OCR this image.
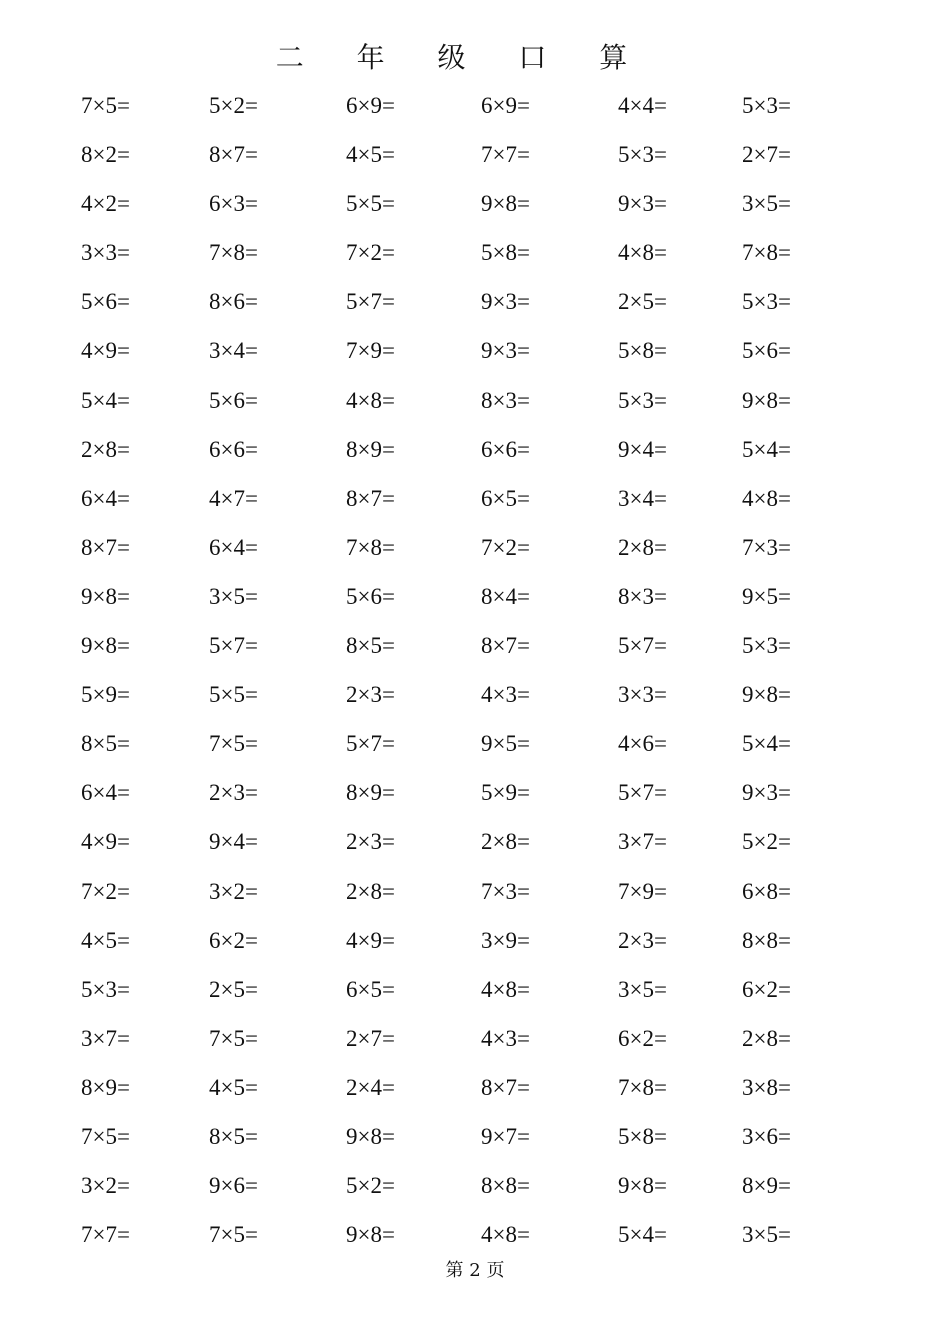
二 年 级 口 算
7×5=	5×2=	6×9=	6×9=	4×4=	5×3=
8×2=	8×7=	4×5=	7×7=	5×3=	2×7=
4×2=	6×3=	5×5=	9×8=	9×3=	3×5=
3×3=	7×8=	7×2=	5×8=	4×8=	7×8=
5×6=	8×6=	5×7=	9×3=	2×5=	5×3=
4×9=	3×4=	7×9=	9×3=	5×8=	5×6=
5×4=	5×6=	4×8=	8×3=	5×3=	9×8=
2×8=	6×6=	8×9=	6×6=	9×4=	5×4=
6×4=	4×7=	8×7=	6×5=	3×4=	4×8=
8×7=	6×4=	7×8=	7×2=	2×8=	7×3=
9×8=	3×5=	5×6=	8×4=	8×3=	9×5=
9×8=	5×7=	8×5=	8×7=	5×7=	5×3=
5×9=	5×5=	2×3=	4×3=	3×3=	9×8=
8×5=	7×5=	5×7=	9×5=	4×6=	5×4=
6×4=	2×3=	8×9=	5×9=	5×7=	9×3=
4×9=	9×4=	2×3=	2×8=	3×7=	5×2=
7×2=	3×2=	2×8=	7×3=	7×9=	6×8=
4×5=	6×2=	4×9=	3×9=	2×3=	8×8=
5×3=	2×5=	6×5=	4×8=	3×5=	6×2=
3×7=	7×5=	2×7=	4×3=	6×2=	2×8=
8×9=	4×5=	2×4=	8×7=	7×8=	3×8=
7×5=	8×5=	9×8=	9×7=	5×8=	3×6=
3×2=	9×6=	5×2=	8×8=	9×8=	8×9=
7×7=	7×5=	9×8=	4×8=	5×4=	3×5=
第 2 页
